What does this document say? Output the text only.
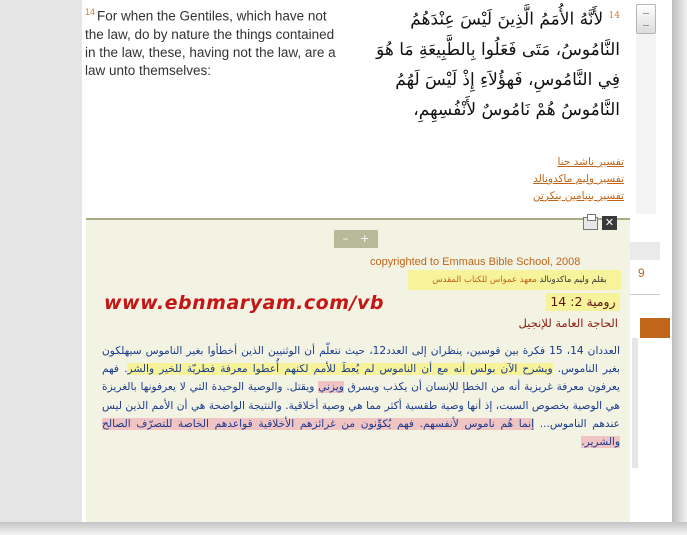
$^{14}$ For when the Gentiles, which have not the law, do by nature the things contained in the law, these, having not the law, are a law unto themselves:
$^{14}$ لأَنَّهُ الأُمَمُ الَّذِينَ لَيْسَ عِنْدَهُمُ النَّامُوسُ، مَتَى فَعَلُوا بِالطَّبِيعَةِ مَا هُوَ فِي النَّامُوسِ، فَهؤُلاَءِ إِذْ لَيْسَ لَهُمُ النَّامُوسُ هُمْ نَامُوسٌ لأَنْفُسِهِمِ،
تفسير ناشد حنا
تفسير وليم ماكدونالد
تفسير بنيامين بنكرتن
– +
✕
copyrighted to Emmaus Bible School, 2008
بقلم وليم ماكدونالد معهد عمواس للكتاب المقدس
www.ebnmaryam.com/vb	رومية 2: 14
الحاجة العامة للإنجيل
العددان 14، 15 فكرة بين قوسين، ينظران إلى العدد12، حيث نتعلّم أن الوثنيين الذين أخطأوا بغير الناموس سيهلكون بغير الناموس. ويشرح الآن بولس أنه مع أن الناموس لم يُعطَ للأمم لكنهم أُعطوا معرفة فطريّة للخير والشر. فهم يعرفون معرفة غريزية أنه من الخطإ للإنسان أن يكذب ويسرق ويزني ويقتل. والوصية الوحيدة التي لا يعرفونها بالغريزة هي الوصية بخصوص السبت، إذ أنها وصية طقسية أكثر مما هي وصية أخلاقية. والنتيجة الواضحة هي أن الأمم الذين ليس عندهم الناموس... إنما هُم ناموس لأنفسهم. فهم يُكوِّنون من غرائزهم الأخلاقية قواعدهم الخاصة للتصرّف الصالح والشرير.
9
